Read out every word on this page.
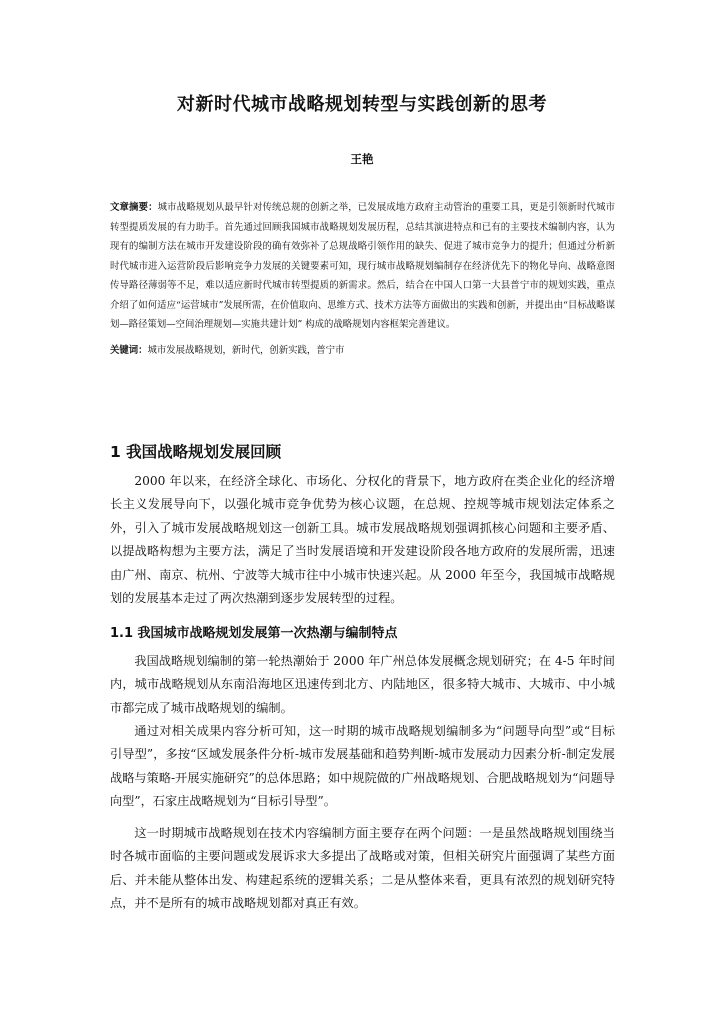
对新时代城市战略规划转型与实践创新的思考
王艳
文章摘要：城市战略规划从最早针对传统总规的创新之举，已发展成地方政府主动管治的重要工具，更是引领新时代城市转型提质发展的有力助手。首先通过回顾我国城市战略规划发展历程，总结其演进特点和已有的主要技术编制内容，认为现有的编制方法在城市开发建设阶段的确有效弥补了总规战略引领作用的缺失、促进了城市竞争力的提升；但通过分析新时代城市进入运营阶段后影响竞争力发展的关键要素可知，现行城市战略规划编制存在经济优先下的物化导向、战略意图传导路径薄弱等不足，难以适应新时代城市转型提质的新需求。然后，结合在中国人口第一大县普宁市的规划实践，重点介绍了如何适应“运营城市”发展所需，在价值取向、思维方式、技术方法等方面做出的实践和创新，并提出由“目标战略谋划—路径策划—空间治理规划—实施共建计划” 构成的战略规划内容框架完善建议。
关键词：城市发展战略规划，新时代，创新实践，普宁市
1 我国战略规划发展回顾
2000 年以来，在经济全球化、市场化、分权化的背景下，地方政府在类企业化的经济增长主义发展导向下，以强化城市竞争优势为核心议题，在总规、控规等城市规划法定体系之外，引入了城市发展战略规划这一创新工具。城市发展战略规划强调抓核心问题和主要矛盾、以提战略构想为主要方法，满足了当时发展语境和开发建设阶段各地方政府的发展所需，迅速由广州、南京、杭州、宁波等大城市往中小城市快速兴起。从 2000 年至今，我国城市战略规划的发展基本走过了两次热潮到逐步发展转型的过程。
1.1 我国城市战略规划发展第一次热潮与编制特点
我国战略规划编制的第一轮热潮始于 2000 年广州总体发展概念规划研究；在 4-5 年时间内，城市战略规划从东南沿海地区迅速传到北方、内陆地区，很多特大城市、大城市、中小城市都完成了城市战略规划的编制。
通过对相关成果内容分析可知，这一时期的城市战略规划编制多为“问题导向型”或“目标引导型”，多按“区域发展条件分析-城市发展基础和趋势判断-城市发展动力因素分析-制定发展战略与策略-开展实施研究”的总体思路；如中规院做的广州战略规划、合肥战略规划为“问题导向型”，石家庄战略规划为“目标引导型”。
这一时期城市战略规划在技术内容编制方面主要存在两个问题：一是虽然战略规划围绕当时各城市面临的主要问题或发展诉求大多提出了战略或对策，但相关研究片面强调了某些方面后、并未能从整体出发、构建起系统的逻辑关系；二是从整体来看，更具有浓烈的规划研究特点，并不是所有的城市战略规划都对真正有效。
